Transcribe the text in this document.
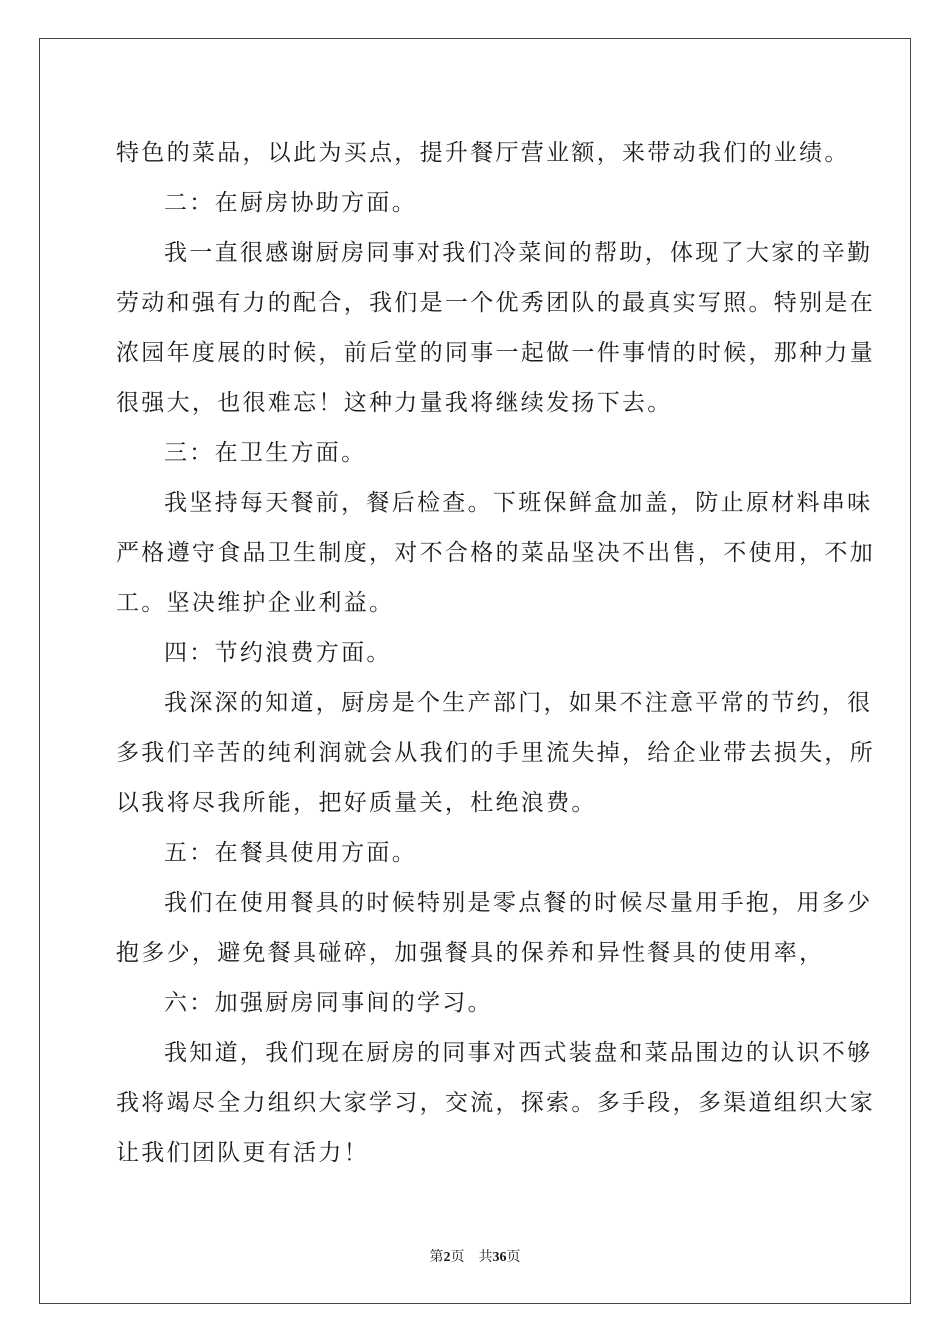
特色的菜品，以此为买点，提升餐厅营业额，来带动我们的业绩。
二：在厨房协助方面。
我一直很感谢厨房同事对我们冷菜间的帮助，体现了大家的辛勤
劳动和强有力的配合，我们是一个优秀团队的最真实写照。特别是在
浓园年度展的时候，前后堂的同事一起做一件事情的时候，那种力量
很强大，也很难忘！这种力量我将继续发扬下去。
三：在卫生方面。
我坚持每天餐前，餐后检查。下班保鲜盒加盖，防止原材料串味
严格遵守食品卫生制度，对不合格的菜品坚决不出售，不使用，不加
工。坚决维护企业利益。
四：节约浪费方面。
我深深的知道，厨房是个生产部门，如果不注意平常的节约，很
多我们辛苦的纯利润就会从我们的手里流失掉，给企业带去损失，所
以我将尽我所能，把好质量关，杜绝浪费。
五：在餐具使用方面。
我们在使用餐具的时候特别是零点餐的时候尽量用手抱，用多少
抱多少，避免餐具碰碎，加强餐具的保养和异性餐具的使用率，
六：加强厨房同事间的学习。
我知道，我们现在厨房的同事对西式装盘和菜品围边的认识不够
我将竭尽全力组织大家学习，交流，探索。多手段，多渠道组织大家
让我们团队更有活力！
第2页 共36页
